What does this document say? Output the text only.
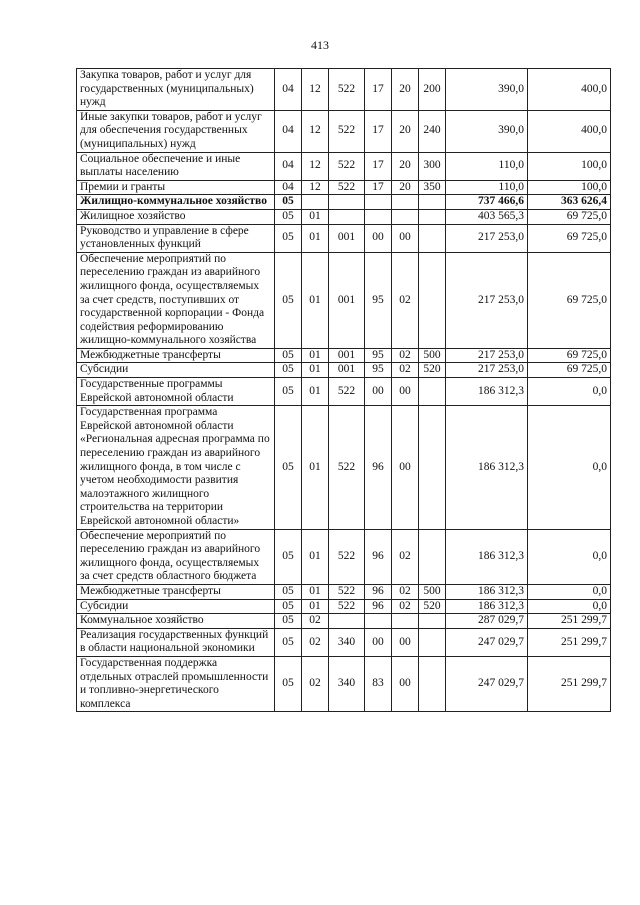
413
Закупка товаров, работ и услуг для государственных (муниципальных) нужд	04	12	522	17	20	200	390,0	400,0
Иные закупки товаров, работ и услуг для обеспечения государственных (муниципальных) нужд	04	12	522	17	20	240	390,0	400,0
Социальное обеспечение и иные выплаты населению	04	12	522	17	20	300	110,0	100,0
Премии и гранты	04	12	522	17	20	350	110,0	100,0
Жилищно-коммунальное хозяйство	05						737 466,6	363 626,4
Жилищное хозяйство	05	01					403 565,3	69 725,0
Руководство и управление в сфере установленных функций	05	01	001	00	00		217 253,0	69 725,0
Обеспечение мероприятий по переселению граждан из аварийного жилищного фонда, осуществляемых за счет средств, поступивших от государственной корпорации - Фонда содействия реформированию жилищно-коммунального хозяйства	05	01	001	95	02		217 253,0	69 725,0
Межбюджетные трансферты	05	01	001	95	02	500	217 253,0	69 725,0
Субсидии	05	01	001	95	02	520	217 253,0	69 725,0
Государственные программы Еврейской автономной области	05	01	522	00	00		186 312,3	0,0
Государственная программа Еврейской автономной области «Региональная адресная программа по переселению граждан из аварийного жилищного фонда, в том числе с учетом необходимости развития малоэтажного жилищного строительства на территории Еврейской автономной области»	05	01	522	96	00		186 312,3	0,0
Обеспечение мероприятий по переселению граждан из аварийного жилищного фонда, осуществляемых за счет средств областного бюджета	05	01	522	96	02		186 312,3	0,0
Межбюджетные трансферты	05	01	522	96	02	500	186 312,3	0,0
Субсидии	05	01	522	96	02	520	186 312,3	0,0
Коммунальное хозяйство	05	02					287 029,7	251 299,7
Реализация государственных функций в области национальной экономики	05	02	340	00	00		247 029,7	251 299,7
Государственная поддержка отдельных отраслей промышленности и топливно-энергетического комплекса	05	02	340	83	00		247 029,7	251 299,7
